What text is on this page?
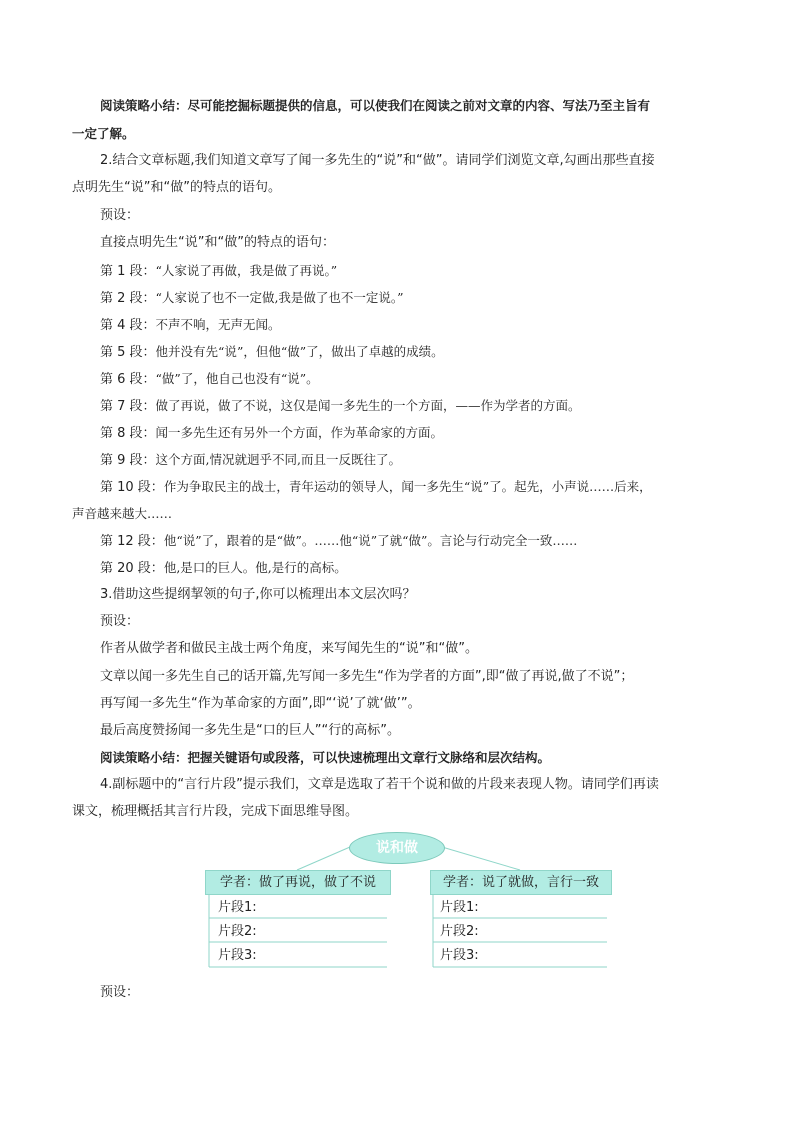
阅读策略小结：尽可能挖掘标题提供的信息，可以使我们在阅读之前对文章的内容、写法乃至主旨有
一定了解。
2.结合文章标题,我们知道文章写了闻一多先生的“说”和“做”。请同学们浏览文章,勾画出那些直接
点明先生“说”和“做”的特点的语句。
预设：
直接点明先生“说”和“做”的特点的语句：
第 1 段：“人家说了再做，我是做了再说。”
第 2 段：“人家说了也不一定做,我是做了也不一定说。”
第 4 段：不声不响，无声无闻。
第 5 段：他并没有先“说”，但他“做”了，做出了卓越的成绩。
第 6 段：“做”了，他自己也没有“说”。
第 7 段：做了再说，做了不说，这仅是闻一多先生的一个方面，——作为学者的方面。
第 8 段：闻一多先生还有另外一个方面，作为革命家的方面。
第 9 段：这个方面,情况就迥乎不同,而且一反既往了。
第 10 段：作为争取民主的战士，青年运动的领导人，闻一多先生“说”了。起先，小声说……后来，
声音越来越大……
第 12 段：他“说”了，跟着的是“做”。……他“说”了就“做”。言论与行动完全一致……
第 20 段：他,是口的巨人。他,是行的高标。
3.借助这些提纲挈领的句子,你可以梳理出本文层次吗？
预设：
作者从做学者和做民主战士两个角度，来写闻先生的“说”和“做”。
文章以闻一多先生自己的话开篇,先写闻一多先生“作为学者的方面”,即“做了再说,做了不说”；
再写闻一多先生“作为革命家的方面”,即“‘说’了就‘做’”。
最后高度赞扬闻一多先生是“口的巨人”“行的高标”。
阅读策略小结：把握关键语句或段落，可以快速梳理出文章行文脉络和层次结构。
4.副标题中的“言行片段”提示我们，文章是选取了若干个说和做的片段来表现人物。请同学们再读
课文，梳理概括其言行片段，完成下面思维导图。
说和做
学者：做了再说，做了不说	学者：说了就做，言行一致
片段1:
片段2:
片段3:
片段1:
片段2:
片段3:
预设：
